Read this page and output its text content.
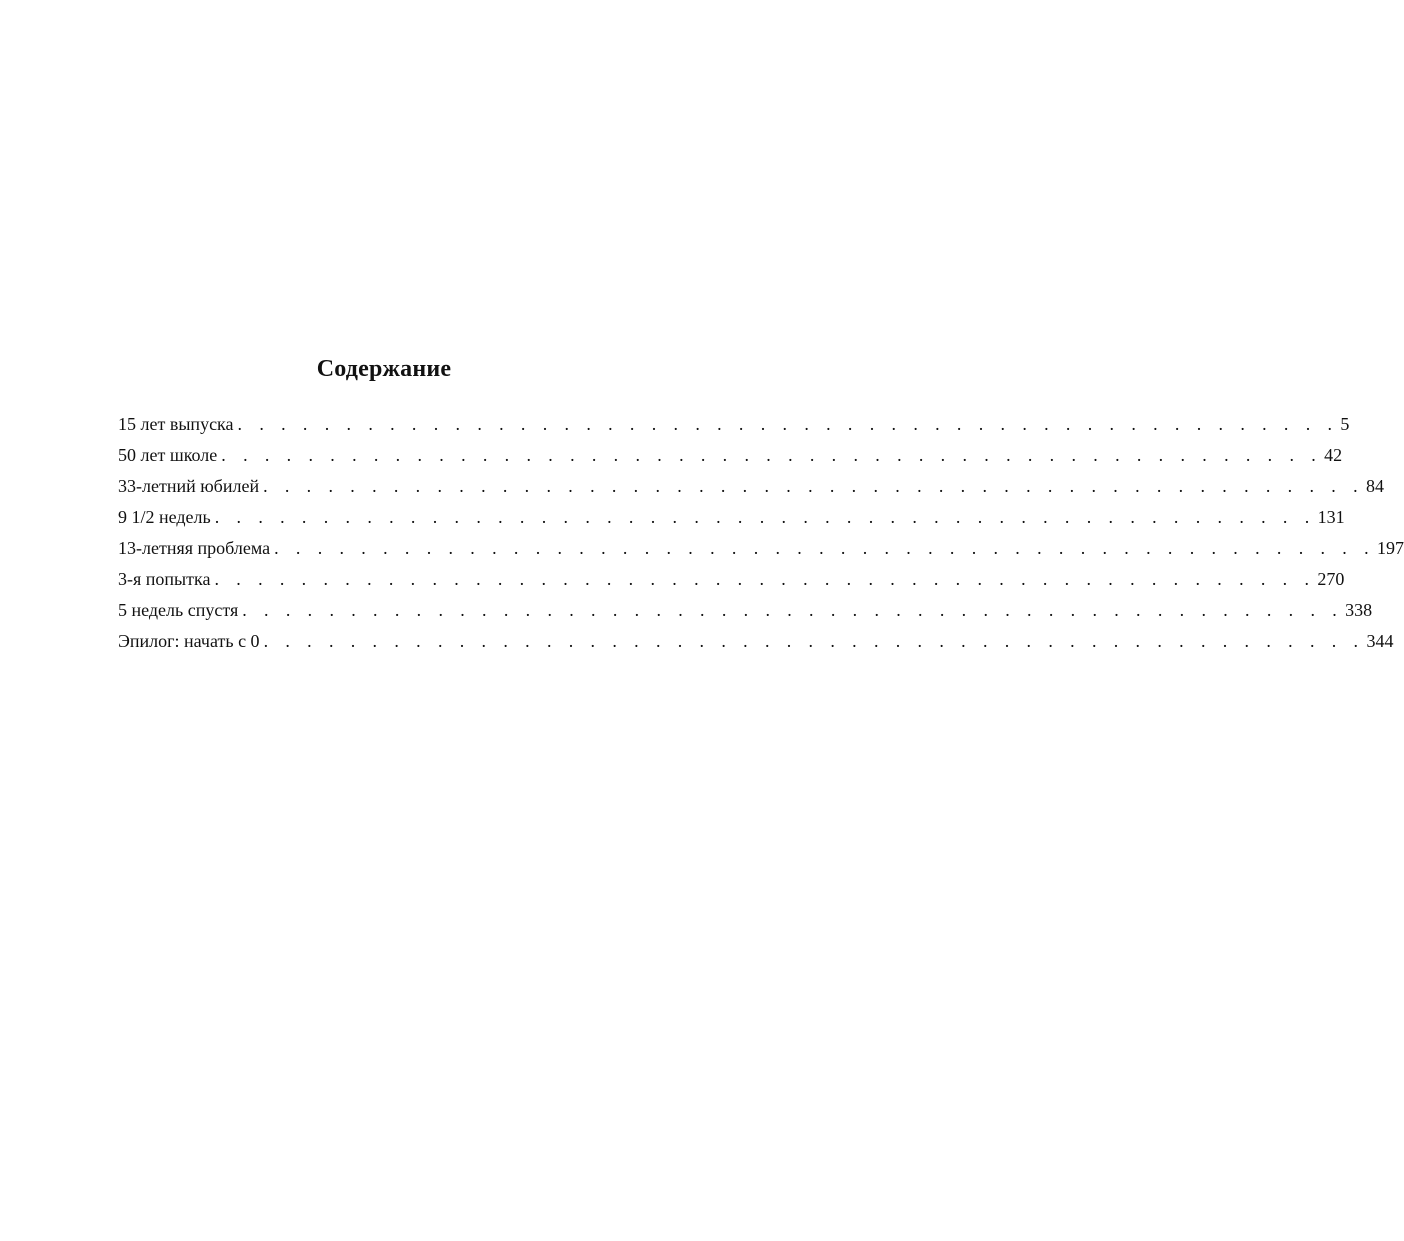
Содержание
15 лет выпуска . . . . . . . . . . . . . . . . . . . . . . . . . . . . . . . . . . . . . . . . . . . . . . . . . . . 5
50 лет школе . . . . . . . . . . . . . . . . . . . . . . . . . . . . . . . . . . . . . . . . . . . . . . . . . . . 42
33-летний юбилей . . . . . . . . . . . . . . . . . . . . . . . . . . . . . . . . . . . . . . . . . . . . . . . . . . . 84
9 1/2 недель . . . . . . . . . . . . . . . . . . . . . . . . . . . . . . . . . . . . . . . . . . . . . . . . . . . 131
13-летняя проблема . . . . . . . . . . . . . . . . . . . . . . . . . . . . . . . . . . . . . . . . . . . . . . . . . . . 197
3-я попытка . . . . . . . . . . . . . . . . . . . . . . . . . . . . . . . . . . . . . . . . . . . . . . . . . . . 270
5 недель спустя . . . . . . . . . . . . . . . . . . . . . . . . . . . . . . . . . . . . . . . . . . . . . . . . . . . 338
Эпилог: начать с 0 . . . . . . . . . . . . . . . . . . . . . . . . . . . . . . . . . . . . . . . . . . . . . . . . . . . 344
